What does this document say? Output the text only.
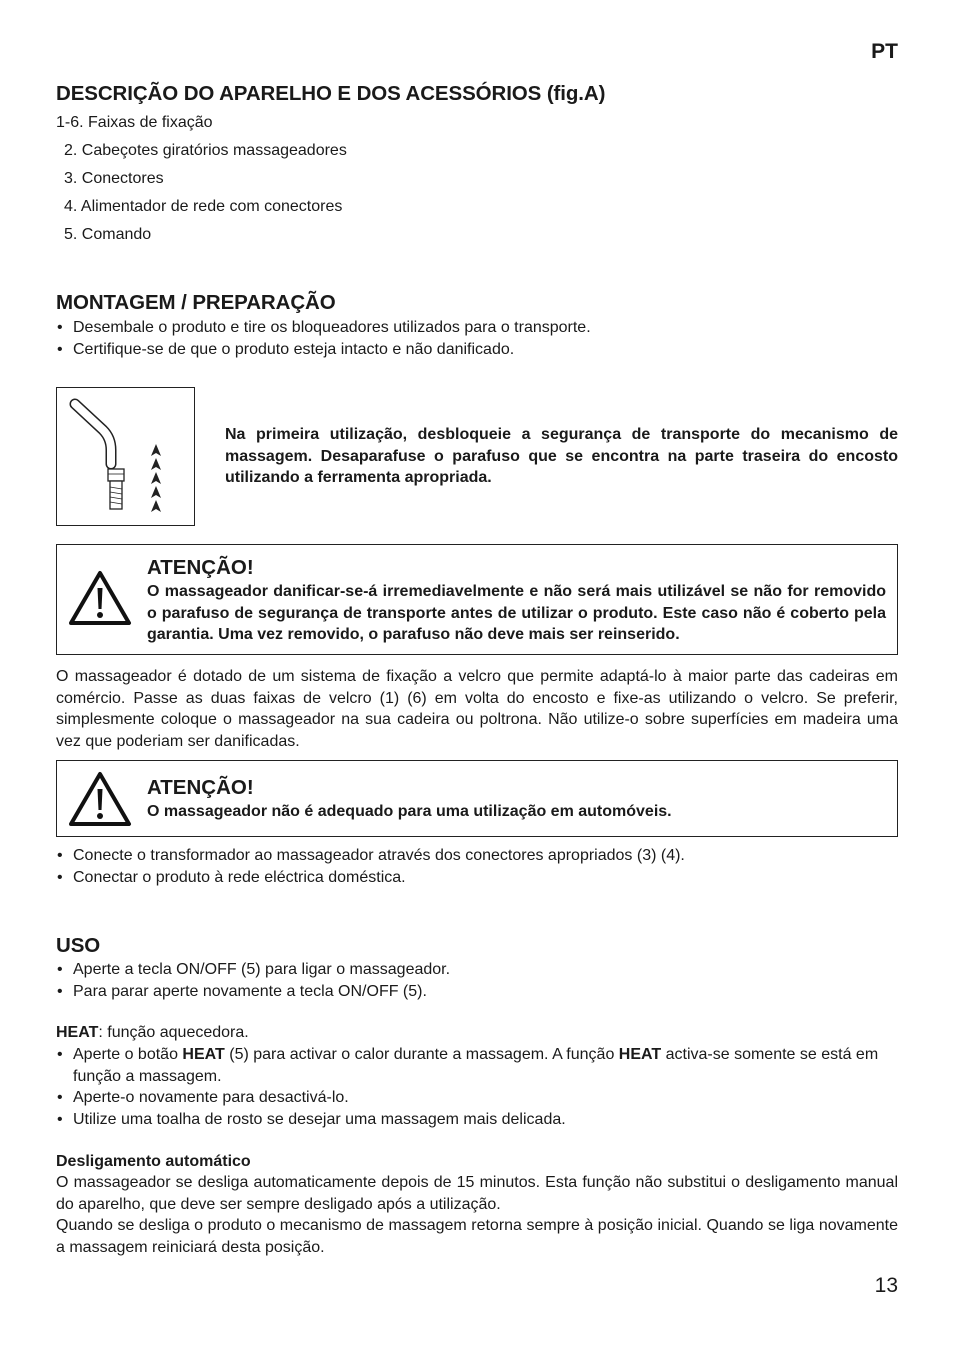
PT
DESCRIÇÃO DO APARELHO E DOS ACESSÓRIOS (fig.A)
1-6. Faixas de fixação
2. Cabeçotes giratórios massageadores
3. Conectores
4. Alimentador de rede com conectores
5. Comando
MONTAGEM / PREPARAÇÃO
• Desembale o produto e tire os bloqueadores utilizados para o transporte.
• Certifique-se de que o produto esteja intacto e não danificado.
Na primeira utilização, desbloqueie a segurança de transporte do mecanismo de massagem. Desaparafuse o parafuso que se encontra na parte traseira do encosto utilizando a ferramenta apropriada.
ATENÇÃO!
O massageador danificar-se-á irremediavelmente e não será mais utilizável se não for removido o parafuso de segurança de transporte antes de utilizar o produto. Este caso não é coberto pela garantia. Uma vez removido, o parafuso não deve mais ser reinserido.
O massageador é dotado de um sistema de fixação a velcro que permite adaptá-lo à maior parte das cadeiras em comércio. Passe as duas faixas de velcro (1) (6) em volta do encosto e fixe-as utilizando o velcro. Se preferir, simplesmente coloque o massageador na sua cadeira ou poltrona. Não utilize-o sobre superfícies em madeira uma vez que poderiam ser danificadas.
ATENÇÃO!
O massageador não é adequado para uma utilização em automóveis.
• Conecte o transformador ao massageador através dos conectores apropriados (3) (4).
• Conectar o produto à rede eléctrica doméstica.
USO
• Aperte a tecla ON/OFF (5) para ligar o massageador.
• Para parar aperte novamente a tecla ON/OFF (5).
HEAT: função aquecedora.
• Aperte o botão HEAT (5) para activar o calor durante a massagem. A função HEAT activa-se somente se está em função a massagem.
• Aperte-o novamente para desactivá-lo.
• Utilize uma toalha de rosto se desejar uma massagem mais delicada.
Desligamento automático
O massageador se desliga automaticamente depois de 15 minutos. Esta função não substitui o desligamento manual do aparelho, que deve ser sempre desligado após a utilização.
Quando se desliga o produto o mecanismo de massagem retorna sempre à posição inicial. Quando se liga novamente a massagem reiniciará desta posição.
13
